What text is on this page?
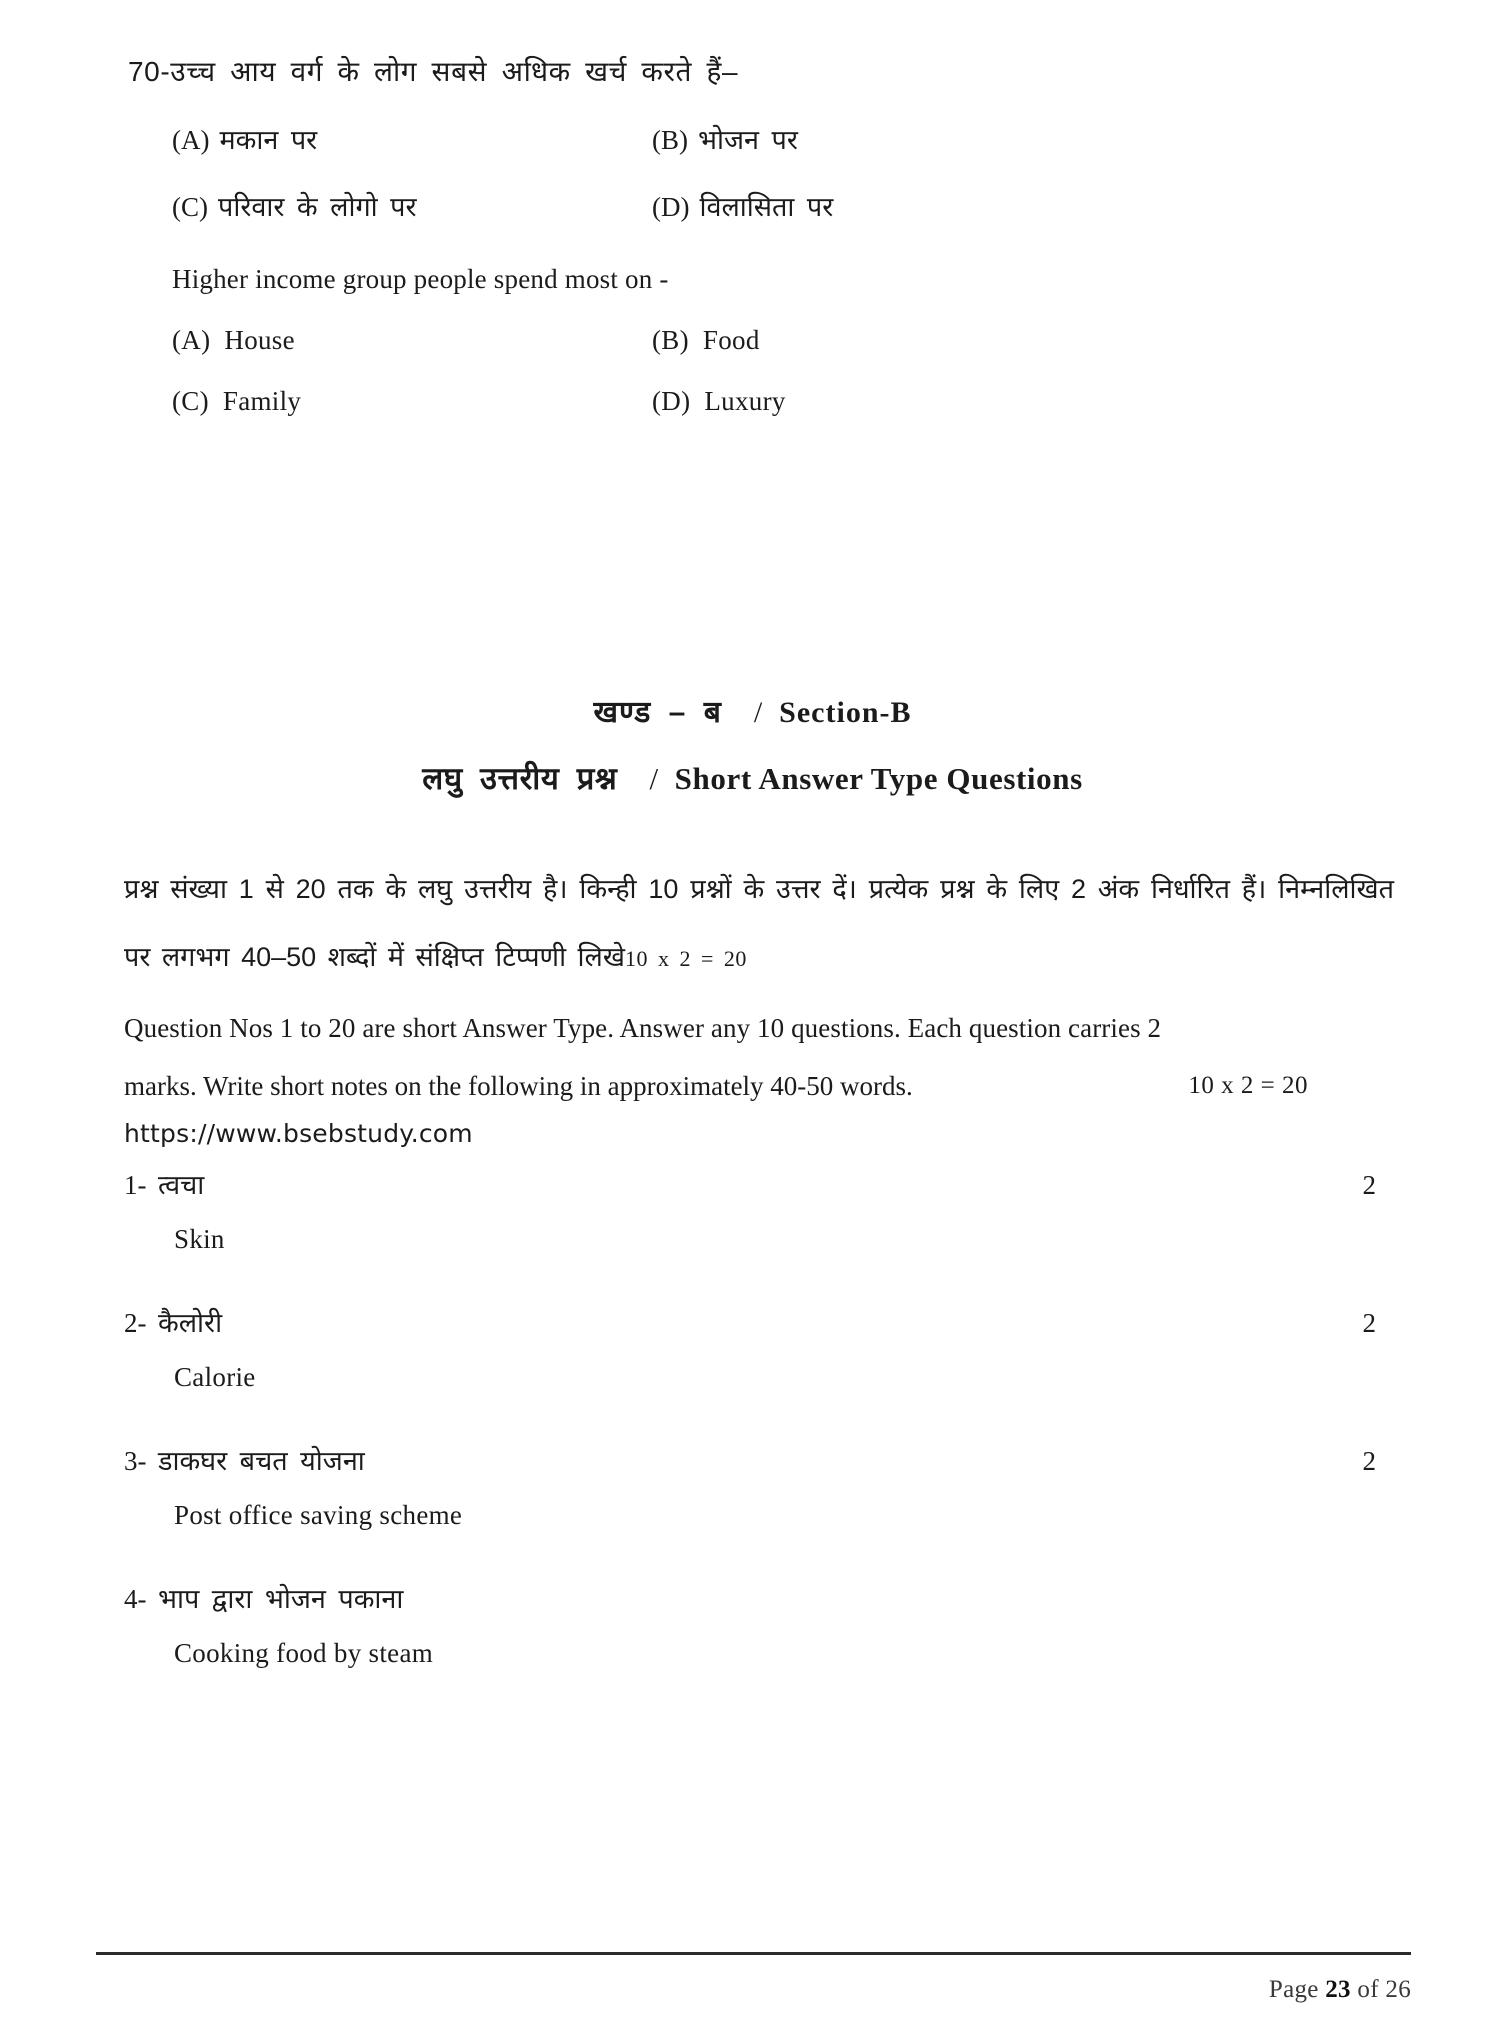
70-उच्च आय वर्ग के लोग सबसे अधिक खर्च करते हैं–
(A) मकान पर	(B) भोजन पर
(C) परिवार के लोगो पर	(D) विलासिता पर
Higher income group people spend most on -
(A) House	(B) Food
(C) Family	(D) Luxury
खण्ड – ब / Section-B
लघु उत्तरीय प्रश्न / Short Answer Type Questions
प्रश्न संख्या 1 से 20 तक के लघु उत्तरीय है। किन्ही 10 प्रश्नों के उत्तर दें। प्रत्येक प्रश्न के लिए 2 अंक निर्धारित हैं। निम्नलिखित पर लगभग 40–50 शब्दों में संक्षिप्त टिप्पणी लिखे10 x 2 = 20
Question Nos 1 to 20 are short Answer Type. Answer any 10 questions. Each question carries 2
marks. Write short notes on the following in approximately 40-50 words.	10 x 2 = 20
https://www.bsebstudy.com
1- त्वचा	2
Skin
2- कैलोरी	2
Calorie
3- डाकघर बचत योजना	2
Post office saving scheme
4- भाप द्वारा भोजन पकाना
Cooking food by steam
Page 23 of 26
